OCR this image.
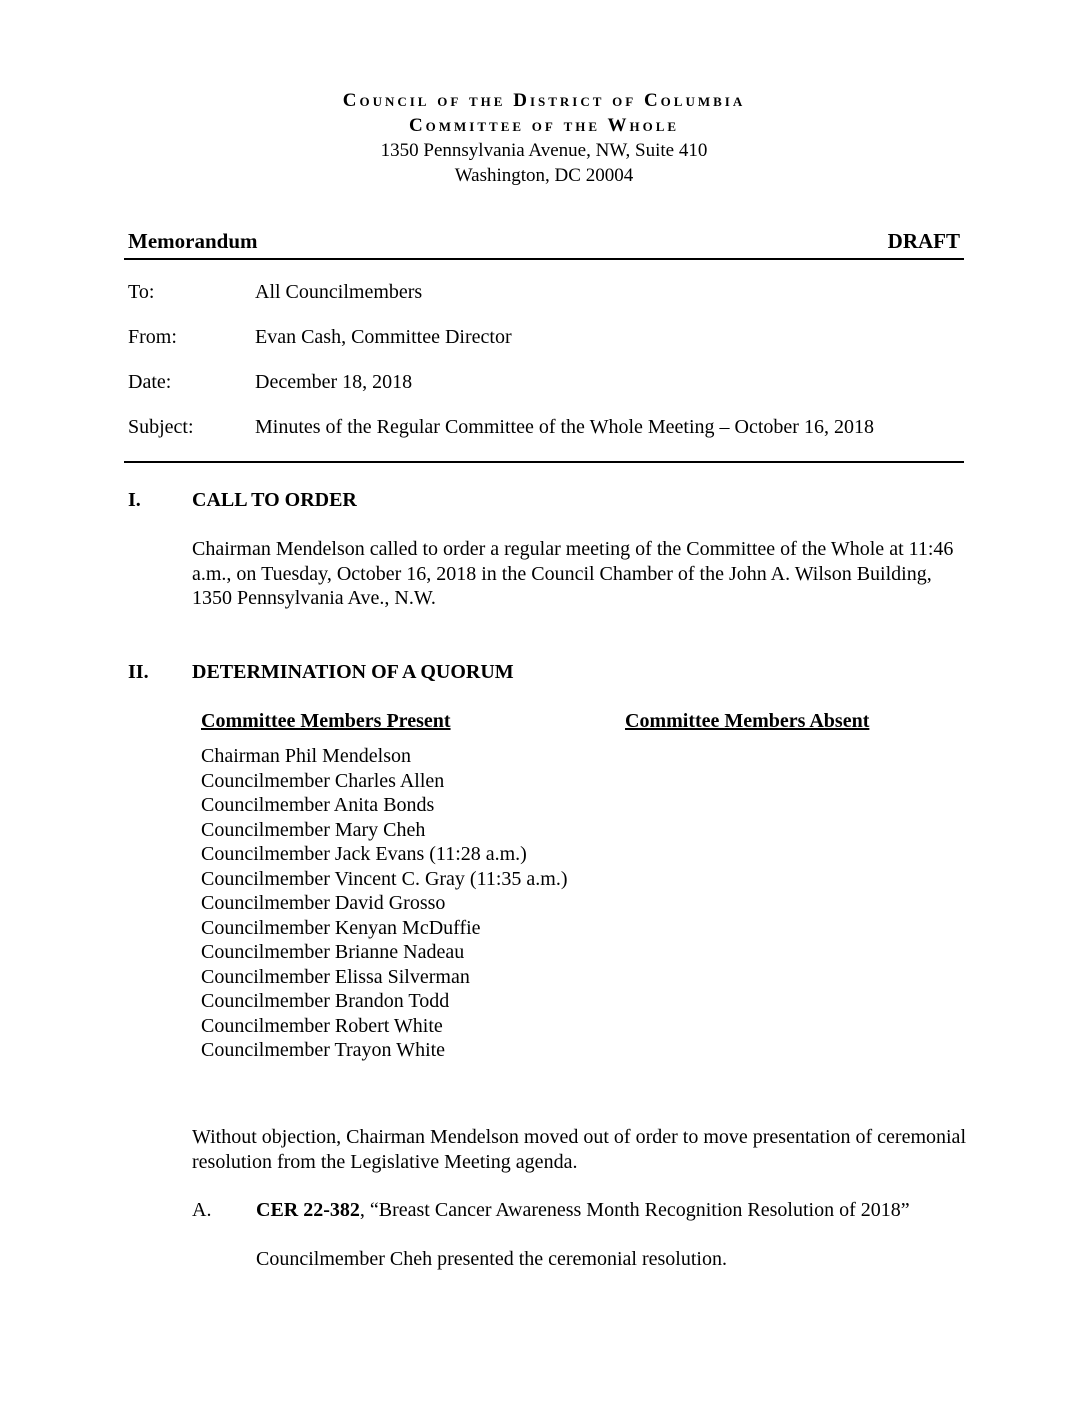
Council of the District of Columbia
Committee of the Whole
1350 Pennsylvania Avenue, NW, Suite 410
Washington, DC 20004
Memorandum	DRAFT
To:	All Councilmembers
From:	Evan Cash, Committee Director
Date:	December 18, 2018
Subject:	Minutes of the Regular Committee of the Whole Meeting – October 16, 2018
I.	CALL TO ORDER
Chairman Mendelson called to order a regular meeting of the Committee of the Whole at 11:46 a.m., on Tuesday, October 16, 2018 in the Council Chamber of the John A. Wilson Building, 1350 Pennsylvania Ave., N.W.
II. DETERMINATION OF A QUORUM
Committee Members Present	Committee Members Absent
Chairman Phil Mendelson
Councilmember Charles Allen
Councilmember Anita Bonds
Councilmember Mary Cheh
Councilmember Jack Evans (11:28 a.m.)
Councilmember Vincent C. Gray (11:35 a.m.)
Councilmember David Grosso
Councilmember Kenyan McDuffie
Councilmember Brianne Nadeau
Councilmember Elissa Silverman
Councilmember Brandon Todd
Councilmember Robert White
Councilmember Trayon White
Without objection, Chairman Mendelson moved out of order to move presentation of ceremonial resolution from the Legislative Meeting agenda.
A. CER 22-382, “Breast Cancer Awareness Month Recognition Resolution of 2018”
Councilmember Cheh presented the ceremonial resolution.
